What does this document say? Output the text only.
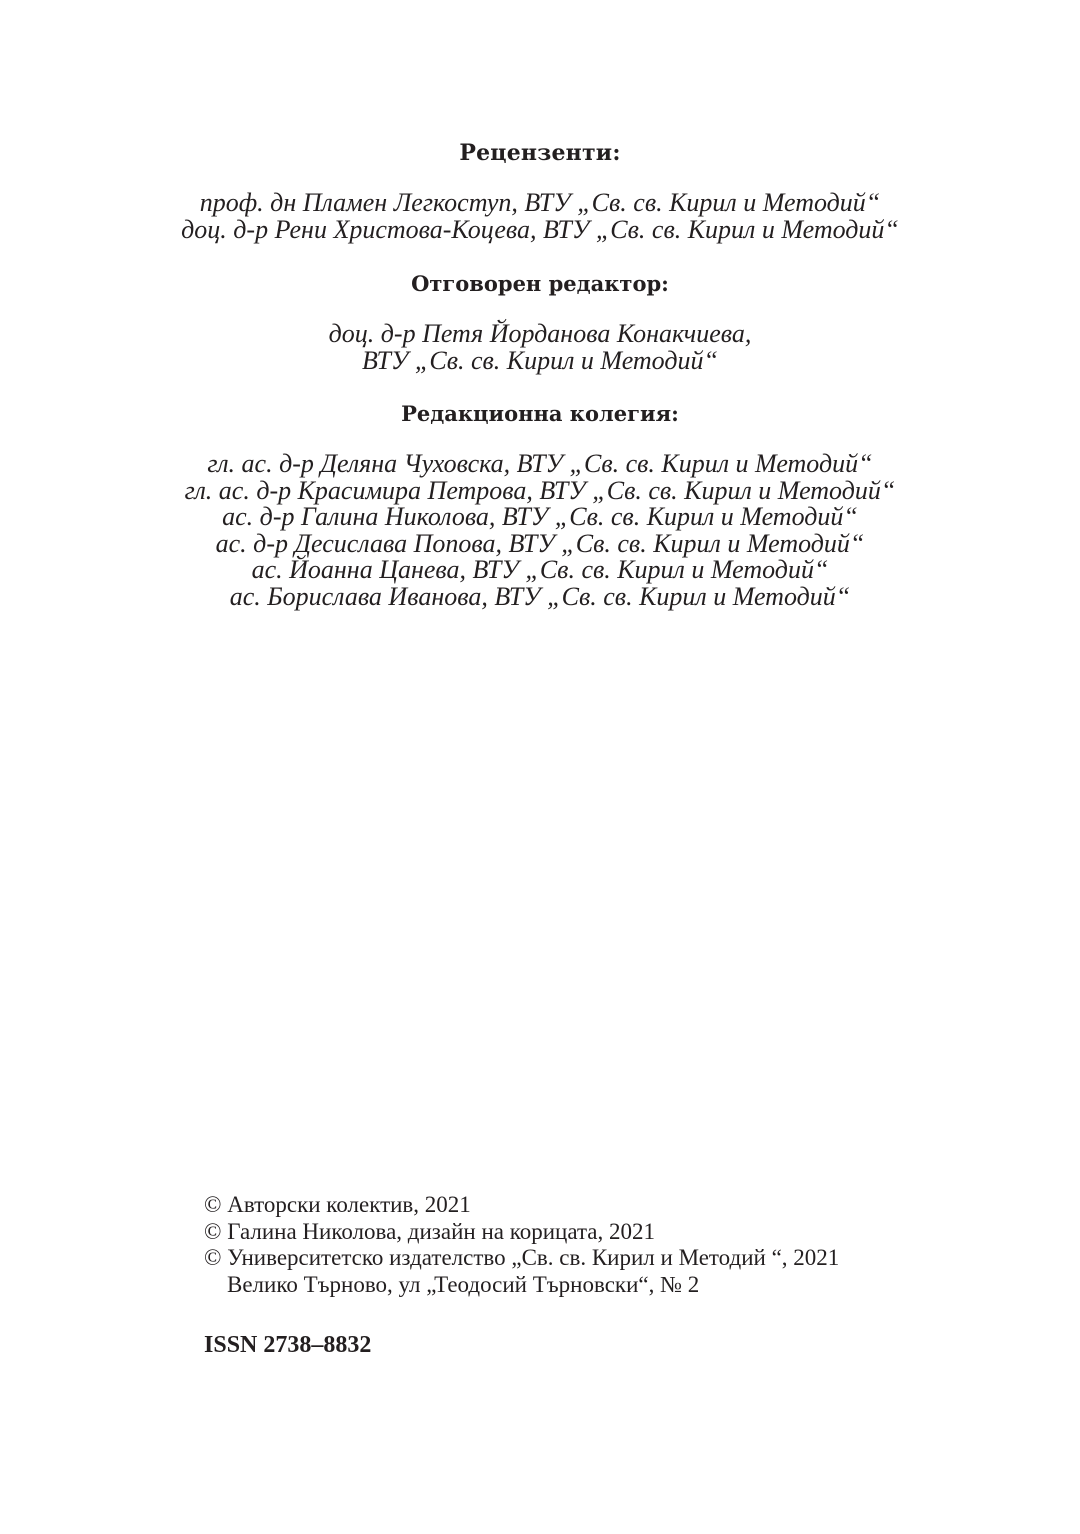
Рецензенти:

проф. дн Пламен Легкоступ, ВТУ „Св. св. Кирил и Методий“
доц. д-р Рени Христова-Коцева, ВТУ „Св. св. Кирил и Методий“

Отговорен редактор:

доц. д-р Петя Йорданова Конакчиева,
ВТУ „Св. св. Кирил и Методий“

Редакционна колегия:

гл. ас. д-р Деляна Чуховска, ВТУ „Св. св. Кирил и Методий“
гл. ас. д-р Красимира Петрова, ВТУ „Св. св. Кирил и Методий“
ас. д-р Галина Николова, ВТУ „Св. св. Кирил и Методий“
ас. д-р Десислава Попова, ВТУ „Св. св. Кирил и Методий“
ас. Йоанна Цанева, ВТУ „Св. св. Кирил и Методий“
ас. Борислава Иванова, ВТУ „Св. св. Кирил и Методий“
© Авторски колектив, 2021
© Галина Николова, дизайн на корицата, 2021
© Университетско издателство „Св. св. Кирил и Методий “, 2021
Велико Търново, ул „Теодосий Търновски“, № 2
ISSN 2738–8832
